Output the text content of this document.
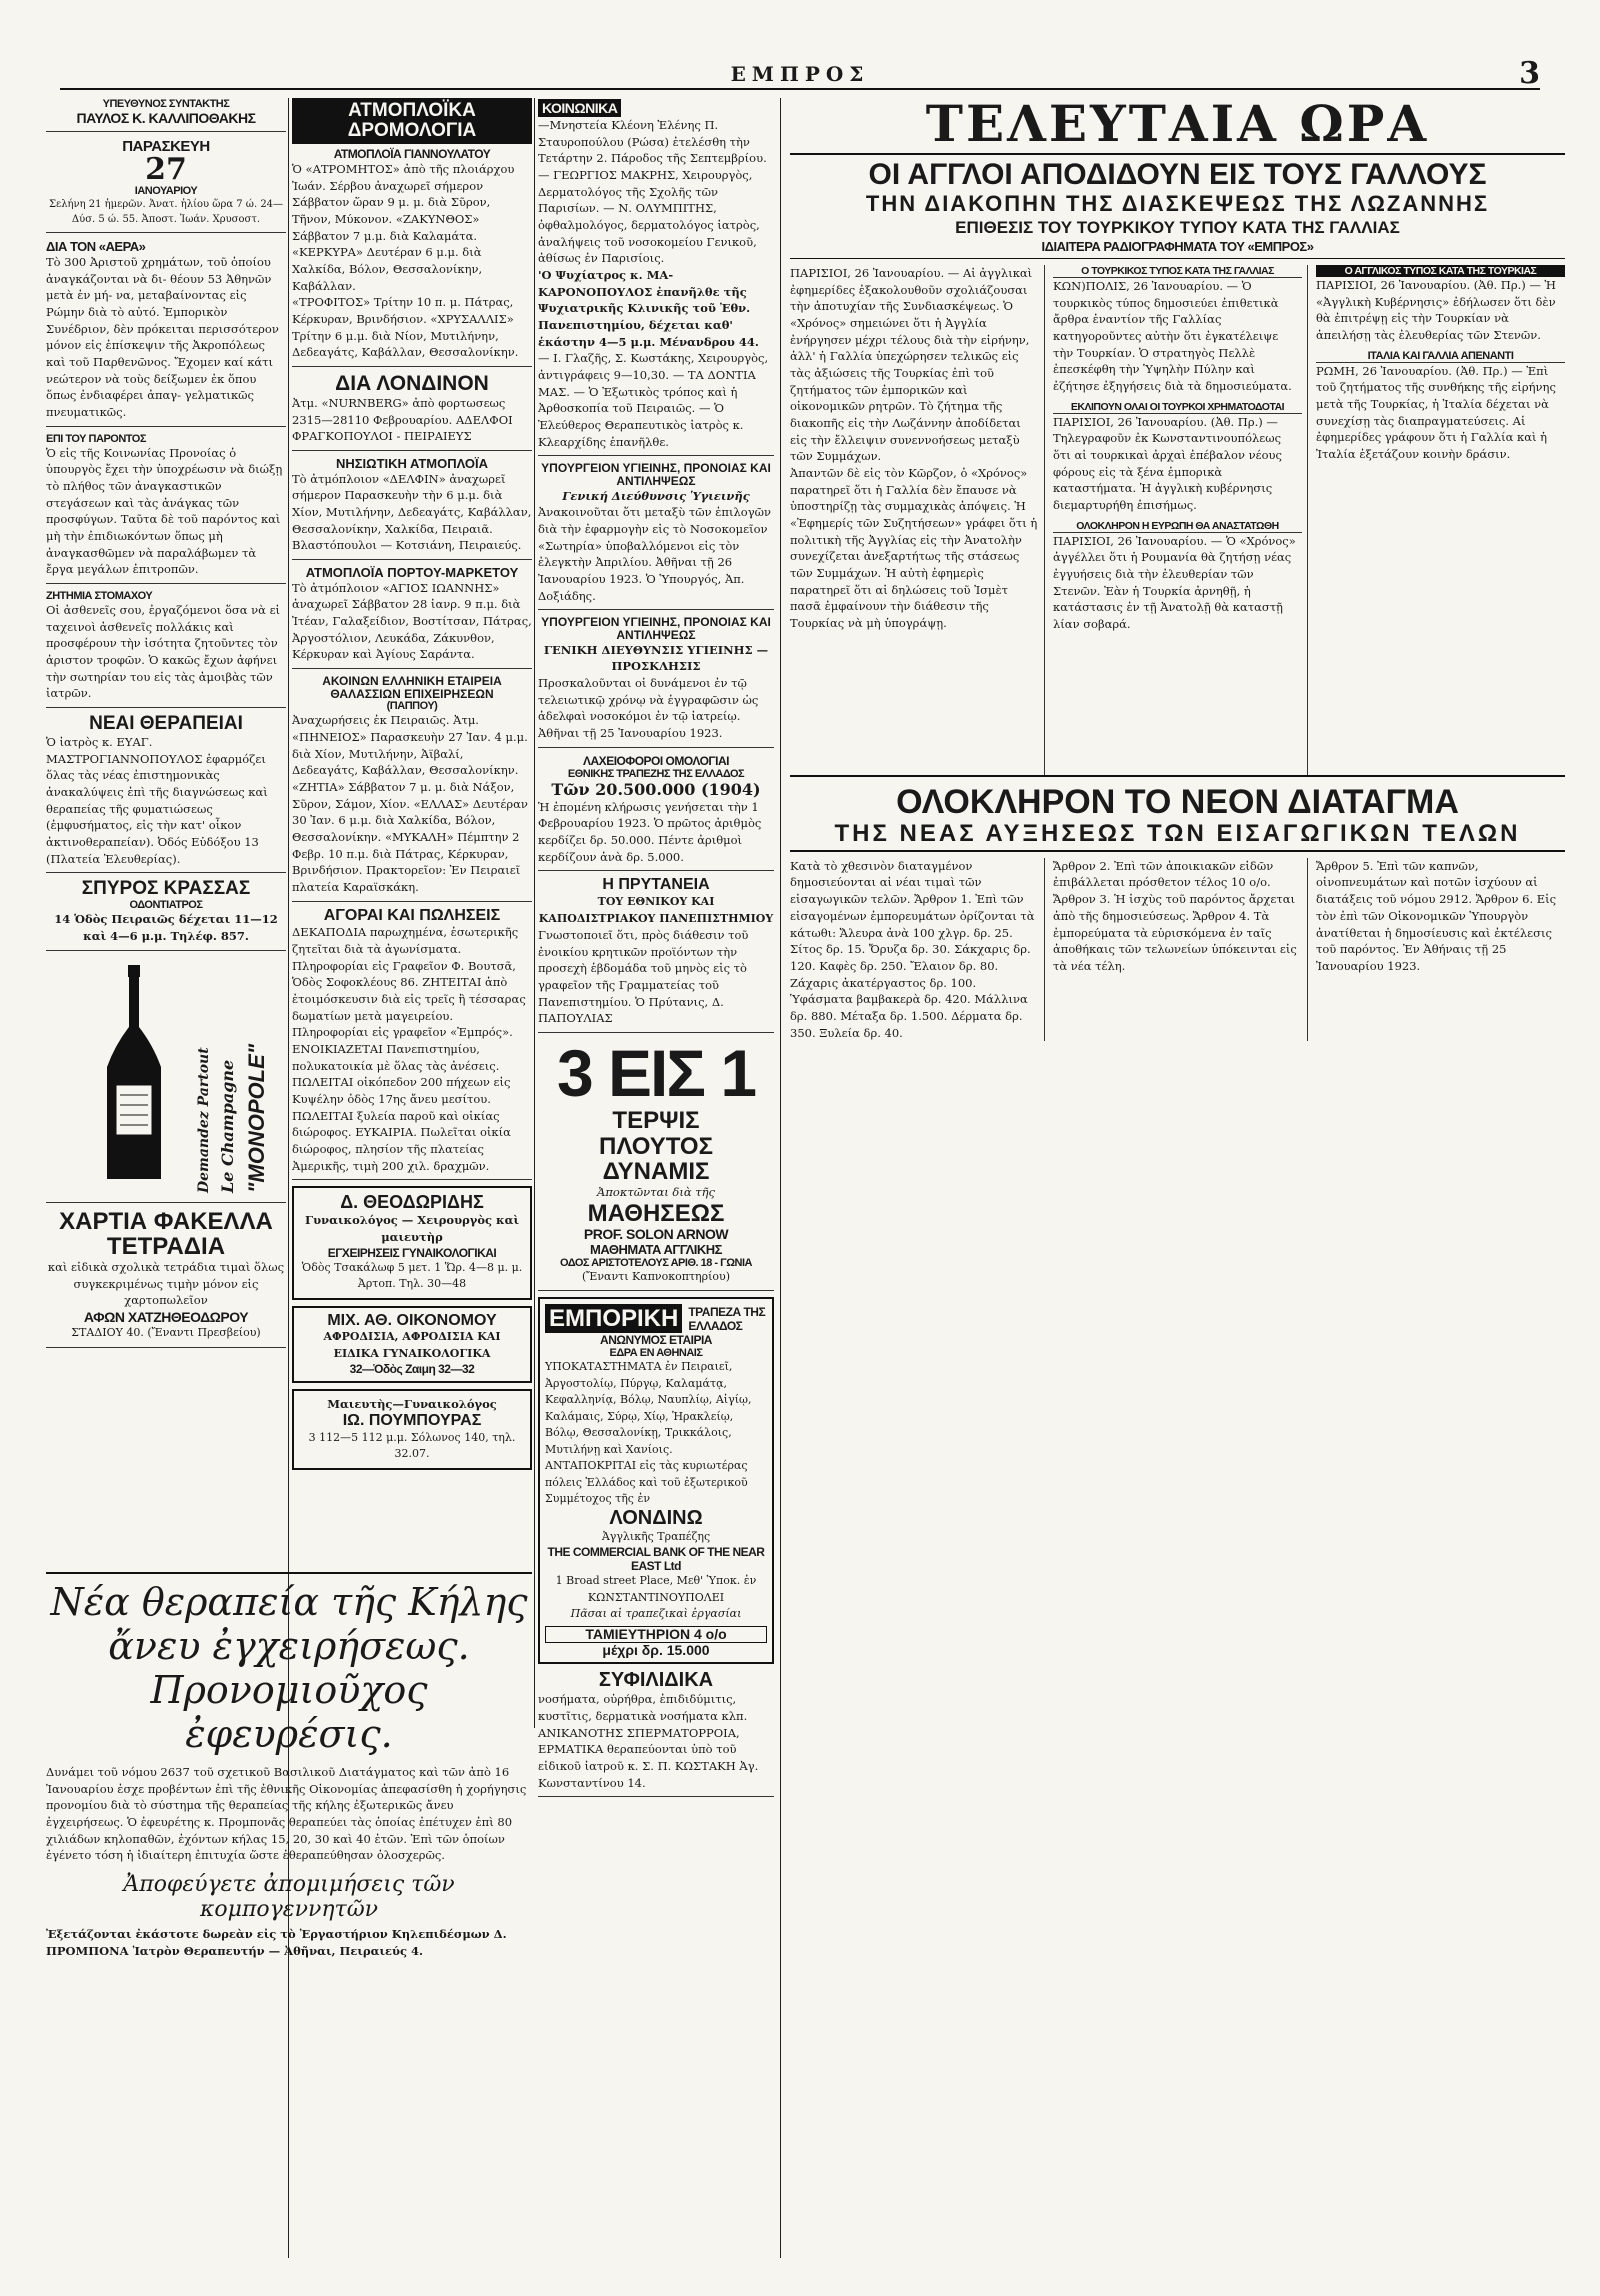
ΕΜΠΡΟΣ	3
ΥΠΕΥΘΥΝΟΣ ΣΥΝΤΑΚΤΗΣ
ΠΑΥΛΟΣ Κ. ΚΑΛΛΙΠΟΘΑΚΗΣ
ΠΑΡΑΣΚΕΥΗ
27
ΙΑΝΟΥΑΡΙΟΥ
Σελήνη 21 ἡμερῶν. Ἀνατ. ἡλίου ὥρα 7 ώ. 24—Δύσ. 5 ώ. 55. Ἀποστ. Ἰωάν. Χρυσοστ.
ΔΙΑ ΤΟΝ «ΑΕΡΑ»

Τὸ 300 Ἀριστοῦ χρημάτων, τοῦ ὁποίου ἀναγκάζονται νὰ δι- θέουν 53 Ἀθηνῶν μετὰ ἑν μή- να, μεταβαίνοντας εἰς Ρώμην διὰ τὸ αὐτό. Ἐμπορικὸν Συνέδριον, δὲν πρόκειται περισσότερον μόνον εἰς ἐπίσκεψιν τῆς Ἀκροπόλεως καὶ τοῦ Παρθενῶνος. Ἔχομεν καί κάτι νεώτερον νὰ τοὺς δείξωμεν ἐκ ὅπου ὅπως ἐνδιαφέρει ἀπαγ- γελματικῶς πνευματικῶς.

ΕΠΙ ΤΟΥ ΠΑΡΟΝΤΟΣ

Ὁ εἰς τῆς Κοινωνίας Προνοίας ὁ ὑπουργὸς ἔχει τὴν ὑποχρέωσιν νὰ διώξῃ τὸ πλήθος τῶν ἀναγκαστικῶν στεγάσεων καὶ τὰς ἀνάγκας τῶν προσφύγων. Ταῦτα δὲ τοῦ παρόντος καὶ μὴ τὴν ἐπιδιωκόντων ὅπως μὴ ἀναγκασθῶμεν νὰ παραλάβωμεν τὰ ἔργα μεγάλων ἐπιτροπῶν.

ΖΗΤΗΜΙΑ ΣΤΟΜΑΧΟΥ

Οἱ ἀσθενεῖς σου, ἐργαζόμενοι ὅσα νὰ εἰ ταχεινοὶ ἀσθενεῖς πολλάκις καὶ προσφέρουν τὴν ἰσότητα ζητοῦντες τὸν ἀριστον τροφῶν. Ὁ κακῶς ἔχων ἀφήνει τὴν σωτηρίαν του εἰς τὰς ἀμοιβὰς τῶν ἰατρῶν.

ΝΕΑΙ ΘΕΡΑΠΕΙΑΙ

Ὁ ἰατρὸς κ. ΕΥΑΓ. ΜΑΣΤΡΟΓΙΑΝΝΟΠΟΥΛΟΣ ἐφαρμόζει ὅλας τὰς νέας ἐπιστημονικὰς ἀνακαλύψεις ἐπὶ τῆς διαγνώσεως καὶ θεραπείας τῆς φυματιώσεως (ἐμφυσήματος, εἰς τὴν κατ' οἶκον ἀκτινοθεραπείαν). Ὀδός Εὐδόξου 13 (Πλατεία Ἐλευθερίας).

ΣΠΥΡΟΣ ΚΡΑΣΣΑΣ
ΟΔΟΝΤΙΑΤΡΟΣ
14 Ὁδὸς Πειραιῶς δέχεται 11—12 καὶ 4—6 μ.μ. Τηλέφ. 857.
Demandez Partout Le Champagne "MONOPOLE"
ΧΑΡΤΙΑ ΦΑΚΕΛΛΑ
ΤΕΤΡΑΔΙΑ

καὶ εἰδικὰ σχολικὰ τετράδια τιμαὶ ὅλως συγκεκριμένως τιμὴν μόνον εἰς χαρτοπωλεῖον

ΑΦΩΝ ΧΑΤΖΗΘΕΟΔΩΡΟΥ
ΣΤΑΔΙΟΥ 40. (Ἔναντι Πρεσβείου)
ΑΤΜΟΠΛΟΪΚΑ ΔΡΟΜΟΛΟΓΙΑ
ΑΤΜΟΠΛΟΪΑ ΓΙΑΝΝΟΥΛΑΤΟΥ

Ὁ «ΑΤΡΟΜΗΤΟΣ» ἀπὸ τῆς πλοιάρχου Ἰωάν. Σέρβου ἀναχωρεῖ σήμερον Σάββατον ὥραν 9 μ. μ. διὰ Σῦρον, Τῆνον, Μύκονον. «ΖΑΚΥΝΘΟΣ» Σάββατον 7 μ.μ. διὰ Καλαμάτα. «ΚΕΡΚΥΡΑ» Δευτέραν 6 μ.μ. διὰ Χαλκίδα, Βόλον, Θεσσαλονίκην, Καβάλλαν.

«ΤΡΟΦΙΤΟΣ» Τρίτην 10 π. μ. Πάτρας, Κέρκυραν, Βρινδήσιον. «ΧΡΥΣΑΛΛΙΣ» Τρίτην 6 μ.μ. διὰ Νίον, Μυτιλήνην, Δεδεαγάτς, Καβάλλαν, Θεσσαλονίκην.

ΔΙΑ ΛΟΝΔΙΝΟΝ

Ἀτμ. «NURNBERG» ἀπὸ φορτωσεως 2315—28110 Φεβρουαρίου. ΑΔΕΛΦΟΙ ΦΡΑΓΚΟΠΟΥΛΟΙ - ΠΕΙΡΑΙΕΥΣ

ΝΗΣΙΩΤΙΚΗ ΑΤΜΟΠΛΟΪΑ

Τὸ ἀτμόπλοιον «ΔΕΛΦΙΝ» ἀναχωρεῖ σήμερον Παρασκευὴν τὴν 6 μ.μ. διὰ Χίον, Μυτιλήνην, Δεδεαγάτς, Καβάλλαν, Θεσσαλονίκην, Χαλκίδα, Πειραιᾶ. Βλαστόπουλοι — Κοτσιάνη, Πειραιεύς.

ΑΤΜΟΠΛΟΪΑ ΠΟΡΤΟΥ-ΜΑΡΚΕΤΟΥ

Τὸ ἀτμόπλοιον «ΑΓΙΟΣ ΙΩΑΝΝΗΣ» ἀναχωρεῖ Σάββατον 28 ἰανρ. 9 π.μ. διὰ Ἰτέαν, Γαλαξείδιον, Βοστίτσαν, Πάτρας, Ἀργοστόλιον, Λευκάδα, Ζάκυνθον, Κέρκυραν καὶ Ἀγίους Σαράντα.

ΑΚΟΙΝΩΝ ΕΛΛΗΝΙΚΗ ΕΤΑΙΡΕΙΑ ΘΑΛΑΣΣΙΩΝ ΕΠΙΧΕΙΡΗΣΕΩΝ
(ΠΑΠΠΟΥ)

Ἀναχωρήσεις ἐκ Πειραιῶς. Ἀτμ. «ΠΗΝΕΙΟΣ» Παρασκευὴν 27 Ἰαν. 4 μ.μ. διὰ Χίον, Μυτιλήνην, Ἀϊβαλί, Δεδεαγάτς, Καβάλλαν, Θεσσαλονίκην. «ΖΗΤΙΑ» Σάββατον 7 μ. μ. διὰ Νάξον, Σῦρον, Σάμον, Χίον. «ΕΛΛΑΣ» Δευτέραν 30 Ἰαν. 6 μ.μ. διὰ Χαλκίδα, Βόλον, Θεσσαλονίκην. «ΜΥΚΑΛΗ» Πέμπτην 2 Φεβρ. 10 π.μ. διὰ Πάτρας, Κέρκυραν, Βρινδήσιον. Πρακτορεῖον: Ἐν Πειραιεῖ πλατεία Καραϊσκάκη.

ΑΓΟΡΑΙ ΚΑΙ ΠΩΛΗΣΕΙΣ

ΔΕΚΑΠΟΔΙΑ παρωχημένα, ἐσωτερικῆς ζητεῖται διὰ τὰ ἀγωνίσματα. Πληροφορίαι εἰς Γραφεῖον Φ. Βουτσᾶ, Ὁδὸς Σοφοκλέους 86. ΖΗΤΕΙΤΑΙ ἀπὸ ἐτοιμόσκευσιν διὰ εἰς τρεῖς ἢ τέσσαρας δωματίων μετὰ μαγειρείου. Πληροφορίαι εἰς γραφεῖον «Ἐμπρός». ΕΝΟΙΚΙΑΖΕΤΑΙ Πανεπιστημίου, πολυκατοικία μὲ ὅλας τὰς ἀνέσεις.

ΠΩΛΕΙΤΑΙ οἰκόπεδον 200 πήχεων εἰς Κυψέλην ὀδὸς 17ης ἄνευ μεσίτου. ΠΩΛΕΙΤΑΙ ξυλεία παροῦ καὶ οἰκίας διώροφος. ΕΥΚΑΙΡΙΑ. Πωλεῖται οἰκία διώροφος, πλησίον τῆς πλατείας Ἀμερικῆς, τιμὴ 200 χιλ. δραχμῶν.

Δ. ΘΕΟΔΩΡΙΔΗΣ
Γυναικολόγος — Χειρουργὸς καὶ μαιευτὴρ
ΕΓΧΕΙΡΗΣΕΙΣ ΓΥΝΑΙΚΟΛΟΓΙΚΑΙ
Ὁδὸς Τσακάλωφ 5 μετ. 1 Ὥρ. 4—8 μ. μ. Ἀρτοπ. Τηλ. 30—48
ΜΙΧ. ΑΘ. ΟΙΚΟΝΟΜΟΥ
ΑΦΡΟΔΙΣΙΑ, ΑΦΡΟΔΙΣΙΑ ΚΑΙ ΕΙΔΙΚΑ ΓΥΝΑΙΚΟΛΟΓΙΚΑ
32—Ὁδὸς Ζαιμη 32—32
Μαιευτὴς—Γυναικολόγος
ΙΩ. ΠΟΥΜΠΟΥΡΑΣ
3 112—5 112 μ.μ. Σόλωνος 140, τηλ. 32.07.
ΚΟΙΝΩΝΙΚΑ

—Μνηστεία Κλέονη Ἑλένης Π. Σταυροπούλου (Ρώσα) ἐτελέσθη τὴν Τετάρτην 2. Πάροδος τῆς Σεπτεμβρίου. — ΓΕΩΡΓΙΟΣ ΜΑΚΡΗΣ, Χειρουργὸς, Δερματολόγος τῆς Σχολῆς τῶν Παρισίων. — Ν. ΟΛΥΜΠΙΤΗΣ, ὀφθαλμολόγος, δερματολόγος ἰατρὸς, ἀναλήψεις τοῦ νοσοκομείου Γενικοῦ, ἀθίσως ἐν Παρισίοις.

'Ο Ψυχίατρος κ. ΜΑ- ΚΑΡΟΝΟΠΟΥΛΟΣ ἐπανῆλθε τῆς Ψυχιατρικῆς Κλινικῆς τοῦ Ἐθν. Πανεπιστημίου, δέχεται καθ' ἑκάστην 4—5 μ.μ. Μένανδρου 44.

— Ι. Γλαζῆς, Σ. Κωστάκης, Χειρουργὸς, ἀντιγράφεις 9—10,30. — ΤΑ ΔΟΝΤΙΑ ΜΑΣ. — Ὁ Ἐξωτικὸς τρόπος καὶ ἡ Ἀρθοσκοπία τοῦ Πειραιῶς. — Ὁ Ἐλεύθερος Θεραπευτικὸς ἰατρὸς κ. Κλεαρχίδης ἐπανῆλθε.

ΥΠΟΥΡΓΕΙΟΝ ΥΓΙΕΙΝΗΣ, ΠΡΟΝΟΙΑΣ ΚΑΙ ΑΝΤΙΛΗΨΕΩΣ
Γενική Διεύθυνσις Ὑγιεινῆς

Ἀνακοινοῦται ὅτι μεταξὺ τῶν ἐπιλογῶν διὰ τὴν ἐφαρμογὴν εἰς τὸ Νοσοκομεῖον «Σωτηρία» ὑποβαλλόμενοι εἰς τὸν ἐλεγκτὴν Ἀπριλίου. Ἀθῆναι τῇ 26 Ἰανουαρίου 1923. Ὁ Ὑπουργός, Ἀπ. Δοξιάδης.

ΥΠΟΥΡΓΕΙΟΝ ΥΓΙΕΙΝΗΣ, ΠΡΟΝΟΙΑΣ ΚΑΙ ΑΝΤΙΛΗΨΕΩΣ
ΓΕΝΙΚΗ ΔΙΕΥΘΥΝΣΙΣ ΥΓΙΕΙΝΗΣ — ΠΡΟΣΚΛΗΣΙΣ

Προσκαλοῦνται οἱ δυνάμενοι ἐν τῷ τελειωτικῷ χρόνῳ νὰ ἐγγραφῶσιν ὡς ἀδελφαὶ νοσοκόμοι ἐν τῷ ἰατρείῳ. Ἀθῆναι τῇ 25 Ἰανουαρίου 1923.

ΛΑΧΕΙΟΦΟΡΟΙ ΟΜΟΛΟΓΙΑΙ
ΕΘΝΙΚΗΣ ΤΡΑΠΕΖΗΣ ΤΗΣ ΕΛΛΑΔΟΣ
Τῶν 20.500.000 (1904)

Ἡ ἐπομένη κλήρωσις γενήσεται τὴν 1 Φεβρουαρίου 1923. Ὁ πρῶτος ἀριθμὸς κερδίζει δρ. 50.000. Πέντε ἀριθμοὶ κερδίζουν ἀνὰ δρ. 5.000.

Η ΠΡΥΤΑΝΕΙΑ
ΤΟΥ ΕΘΝΙΚΟΥ ΚΑΙ ΚΑΠΟΔΙΣΤΡΙΑΚΟΥ ΠΑΝΕΠΙΣΤΗΜΙΟΥ

Γνωστοποιεῖ ὅτι, πρὸς διάθεσιν τοῦ ἐνοικίου κρητικῶν προϊόντων τὴν προσεχὴ ἑβδομάδα τοῦ μηνὸς εἰς τὸ γραφεῖον τῆς Γραμματείας τοῦ Πανεπιστημίου. Ὁ Πρύτανις, Δ. ΠΑΠΟΥΛΙΑΣ

3 ΕΙΣ 1
ΤΕΡΨΙΣ
ΠΛΟΥΤΟΣ
ΔΥΝΑΜΙΣ
Ἀποκτῶνται διὰ τῆς
ΜΑΘΗΣΕΩΣ
PROF. SOLON ARNOW
ΜΑΘΗΜΑΤΑ ΑΓΓΛΙΚΗΣ
ΟΔΟΣ ΑΡΙΣΤΟΤΕΛΟΥΣ ΑΡΙΘ. 18 - ΓΩΝΙΑ
(Ἔναντι Καπνοκοπτηρίου)
ΕΜΠΟΡΙΚΗ ΤΡΑΠΕΖΑ ΤΗΣ ΕΛΛΑΔΟΣ
ΑΝΩΝΥΜΟΣ ΕΤΑΙΡΙΑ
ΕΔΡΑ ΕΝ ΑΘΗΝΑΙΣ

ΥΠΟΚΑΤΑΣΤΗΜΑΤΑ ἐν Πειραιεῖ, Ἀργοστολίῳ, Πύργῳ, Καλαμάτᾳ, Κεφαλληνίᾳ, Βόλῳ, Ναυπλίῳ, Αἰγίῳ, Καλάμαις, Σύρῳ, Χίῳ, Ἡρακλείῳ, Βόλῳ, Θεσσαλονίκῃ, Τρικκάλοις, Μυτιλήνῃ καὶ Χανίοις.

ΑΝΤΑΠΟΚΡΙΤΑΙ εἰς τὰς κυριωτέρας πόλεις Ἑλλάδος καὶ τοῦ ἐξωτερικοῦ

Συμμέτοχος τῆς ἐν
ΛΟΝΔΙΝΩ
Ἀγγλικῆς Τραπέζης
THE COMMERCIAL BANK OF THE NEAR EAST Ltd
1 Broad street Place, Μεθ' Ὑποκ. ἐν ΚΩΝΣΤΑΝΤΙΝΟΥΠΟΛΕΙ
Πᾶσαι αἱ τραπεζικαὶ ἐργασίαι
ΤΑΜΙΕΥΤΗΡΙΟΝ 4 ο/ο
μέχρι δρ. 15.000
ΣΥΦΙΛΙΔΙΚΑ

νοσήματα, οὐρήθρα, ἐπιδιδύμιτις, κυστῖτις, δερματικὰ νοσήματα κλπ. ΑΝΙΚΑΝΟΤΗΣ ΣΠΕΡΜΑΤΟΡΡΟΙΑ, ΕΡΜΑΤΙΚΑ θεραπεύονται ὑπὸ τοῦ εἰδικοῦ ἰατροῦ κ. Σ. Π. ΚΩΣΤΑΚΗ Ἀγ. Κωνσταντίνου 14.

ΤΕΛΕΥΤΑΙΑ ΩΡΑ
ΟΙ ΑΓΓΛΟΙ ΑΠΟΔΙΔΟΥΝ ΕΙΣ ΤΟΥΣ ΓΑΛΛΟΥΣ
ΤΗΝ ΔΙΑΚΟΠΗΝ ΤΗΣ ΔΙΑΣΚΕΨΕΩΣ ΤΗΣ ΛΩΖΑΝΝΗΣ
ΕΠΙΘΕΣΙΣ ΤΟΥ ΤΟΥΡΚΙΚΟΥ ΤΥΠΟΥ ΚΑΤΑ ΤΗΣ ΓΑΛΛΙΑΣ
ΙΔΙΑΙΤΕΡΑ ΡΑΔΙΟΓΡΑΦΗΜΑΤΑ ΤΟΥ «ΕΜΠΡΟΣ»

ΠΑΡΙΣΙΟΙ, 26 Ἰανουαρίου. — Αἱ ἀγγλικαὶ ἐφημερίδες ἐξακολουθοῦν σχολιάζουσαι τὴν ἀποτυχίαν τῆς Συνδιασκέψεως. Ὁ «Χρόνος» σημειώνει ὅτι ἡ Ἀγγλία ἐνήργησεν μέχρι τέλους διὰ τὴν εἰρήνην, ἀλλ' ἡ Γαλλία ὑπεχώρησεν τελικῶς εἰς τὰς ἀξιώσεις τῆς Τουρκίας ἐπὶ τοῦ ζητήματος τῶν ἐμπορικῶν καὶ οἰκονομικῶν ρητρῶν. Τὸ ζήτημα τῆς διακοπῆς εἰς τὴν Λωζάννην ἀποδίδεται εἰς τὴν ἔλλειψιν συνεννοήσεως μεταξὺ τῶν Συμμάχων.

Ἀπαντῶν δὲ εἰς τὸν Κῶρζον, ὁ «Χρόνος» παρατηρεῖ ὅτι ἡ Γαλλία δὲν ἔπαυσε νὰ ὑποστηρίζῃ τὰς συμμαχικὰς ἀπόψεις. Ἡ «Ἐφημερίς τῶν Συζητήσεων» γράφει ὅτι ἡ πολιτικὴ τῆς Ἀγγλίας εἰς τὴν Ἀνατολὴν συνεχίζεται ἀνεξαρτήτως τῆς στάσεως τῶν Συμμάχων. Ἡ αὐτὴ ἐφημερὶς παρατηρεῖ ὅτι αἱ δηλώσεις τοῦ Ἰσμὲτ πασᾶ ἐμφαίνουν τὴν διάθεσιν τῆς Τουρκίας νὰ μὴ ὑπογράψῃ.

Ο ΤΟΥΡΚΙΚΟΣ ΤΥΠΟΣ ΚΑΤΑ ΤΗΣ ΓΑΛΛΙΑΣ

ΚΩΝ)ΠΟΛΙΣ, 26 Ἰανουαρίου. — Ὁ τουρκικὸς τύπος δημοσιεύει ἐπιθετικὰ ἄρθρα ἐναντίον τῆς Γαλλίας κατηγοροῦντες αὐτὴν ὅτι ἐγκατέλειψε τὴν Τουρκίαν. Ὁ στρατηγὸς Πελλὲ ἐπεσκέφθη τὴν Ὑψηλὴν Πύλην καὶ ἐζήτησε ἐξηγήσεις διὰ τὰ δημοσιεύματα.

ΕΚΛΙΠΟΥΝ ΟΛΑΙ ΟΙ ΤΟΥΡΚΟΙ ΧΡΗΜΑΤΟΔΟΤΑΙ

ΠΑΡΙΣΙΟΙ, 26 Ἰανουαρίου. (Ἀθ. Πρ.) — Τηλεγραφοῦν ἐκ Κωνσταντινουπόλεως ὅτι αἱ τουρκικαὶ ἀρχαὶ ἐπέβαλον νέους φόρους εἰς τὰ ξένα ἐμπορικὰ καταστήματα. Ἡ ἀγγλικὴ κυβέρνησις διεμαρτυρήθη ἐπισήμως.

ΟΛΟΚΛΗΡΟΝ Η ΕΥΡΩΠΗ ΘΑ ΑΝΑΣΤΑΤΩΘΗ

ΠΑΡΙΣΙΟΙ, 26 Ἰανουαρίου. — Ὁ «Χρόνος» ἀγγέλλει ὅτι ἡ Ρουμανία θὰ ζητήσῃ νέας ἐγγυήσεις διὰ τὴν ἐλευθερίαν τῶν Στενῶν. Ἐὰν ἡ Τουρκία ἀρνηθῇ, ἡ κατάστασις ἐν τῇ Ἀνατολῇ θὰ καταστῇ λίαν σοβαρά.

Ο ΑΓΓΛΙΚΟΣ ΤΥΠΟΣ ΚΑΤΑ ΤΗΣ ΤΟΥΡΚΙΑΣ

ΠΑΡΙΣΙΟΙ, 26 Ἰανουαρίου. (Ἀθ. Πρ.) — Ἡ «Ἀγγλικὴ Κυβέρνησις» ἐδήλωσεν ὅτι δὲν θὰ ἐπιτρέψῃ εἰς τὴν Τουρκίαν νὰ ἀπειλήσῃ τὰς ἐλευθερίας τῶν Στενῶν.

ΙΤΑΛΙΑ ΚΑΙ ΓΑΛΛΙΑ ΑΠΕΝΑΝΤΙ

ΡΩΜΗ, 26 Ἰανουαρίου. (Ἀθ. Πρ.) — Ἐπὶ τοῦ ζητήματος τῆς συνθήκης τῆς εἰρήνης μετὰ τῆς Τουρκίας, ἡ Ἰταλία δέχεται νὰ συνεχίσῃ τὰς διαπραγματεύσεις. Αἱ ἐφημερίδες γράφουν ὅτι ἡ Γαλλία καὶ ἡ Ἰταλία ἐξετάζουν κοινὴν δράσιν.

ΟΛΟΚΛΗΡΟΝ ΤΟ ΝΕΟΝ ΔΙΑΤΑΓΜΑ
ΤΗΣ ΝΕΑΣ ΑΥΞΗΣΕΩΣ ΤΩΝ ΕΙΣΑΓΩΓΙΚΩΝ ΤΕΛΩΝ

Κατὰ τὸ χθεσινὸν διαταγμένον δημοσιεύονται αἱ νέαι τιμαὶ τῶν εἰσαγωγικῶν τελῶν. Ἄρθρον 1. Ἐπὶ τῶν εἰσαγομένων ἐμπορευμάτων ὁρίζονται τὰ κάτωθι: Ἄλευρα ἀνὰ 100 χλγρ. δρ. 25. Σίτος δρ. 15. Ὄρυζα δρ. 30. Σάκχαρις δρ. 120. Καφὲς δρ. 250. Ἔλαιον δρ. 80. Ζάχαρις ἀκατέργαστος δρ. 100. Ὑφάσματα βαμβακερὰ δρ. 420. Μάλλινα δρ. 880. Μέταξα δρ. 1.500. Δέρματα δρ. 350. Ξυλεία δρ. 40.

Ἄρθρον 2. Ἐπὶ τῶν ἀποικιακῶν εἰδῶν ἐπιβάλλεται πρόσθετον τέλος 10 ο/ο. Ἄρθρον 3. Ἡ ἰσχὺς τοῦ παρόντος ἄρχεται ἀπὸ τῆς δημοσιεύσεως. Ἄρθρον 4. Τὰ ἐμπορεύματα τὰ εὑρισκόμενα ἐν ταῖς ἀποθήκαις τῶν τελωνείων ὑπόκεινται εἰς τὰ νέα τέλη.

Ἄρθρον 5. Ἐπὶ τῶν καπνῶν, οἰνοπνευμάτων καὶ ποτῶν ἰσχύουν αἱ διατάξεις τοῦ νόμου 2912. Ἄρθρον 6. Εἰς τὸν ἐπὶ τῶν Οἰκονομικῶν Ὑπουργὸν ἀνατίθεται ἡ δημοσίευσις καὶ ἐκτέλεσις τοῦ παρόντος. Ἐν Ἀθήναις τῇ 25 Ἰανουαρίου 1923.

Νέα θεραπεία τῆς Κήλης
ἄνευ ἐγχειρήσεως.
Προνομιοῦχος ἐφευρέσις.

Δυνάμει τοῦ νόμου 2637 τοῦ σχετικοῦ Βασιλικοῦ Διατάγματος καὶ τῶν ἀπὸ 16 Ἰανουαρίου ἐσχε προβέντων ἐπὶ τῆς ἐθνικῆς Οἰκονομίας ἀπεφασίσθη ἡ χορήγησις προνομίου διὰ τὸ σύστημα τῆς θεραπείας τῆς κήλης ἐξωτερικῶς ἄνευ ἐγχειρήσεως. Ὁ ἐφευρέτης κ. Προμπονᾶς θεραπεύει τὰς ὁποίας ἐπέτυχεν ἐπὶ 80 χιλιάδων κηλοπαθῶν, ἐχόντων κήλας 15, 20, 30 καὶ 40 ἐτῶν. Ἐπὶ τῶν ὁποίων ἐγένετο τόση ἡ ἰδιαίτερη ἐπιτυχία ὥστε ἐθεραπεύθησαν ὁλοσχερῶς.

Ἀποφεύγετε ἀπομιμήσεις τῶν κομπογεννητῶν

Ἐξετάζονται ἐκάστοτε δωρεὰν εἰς τὸ Ἐργαστήριον Κηλεπιδέσμων Δ. ΠΡΟΜΠΟΝΑ Ἰατρὸν Θεραπευτήν — Ἀθῆναι, Πειραιεύς 4.
